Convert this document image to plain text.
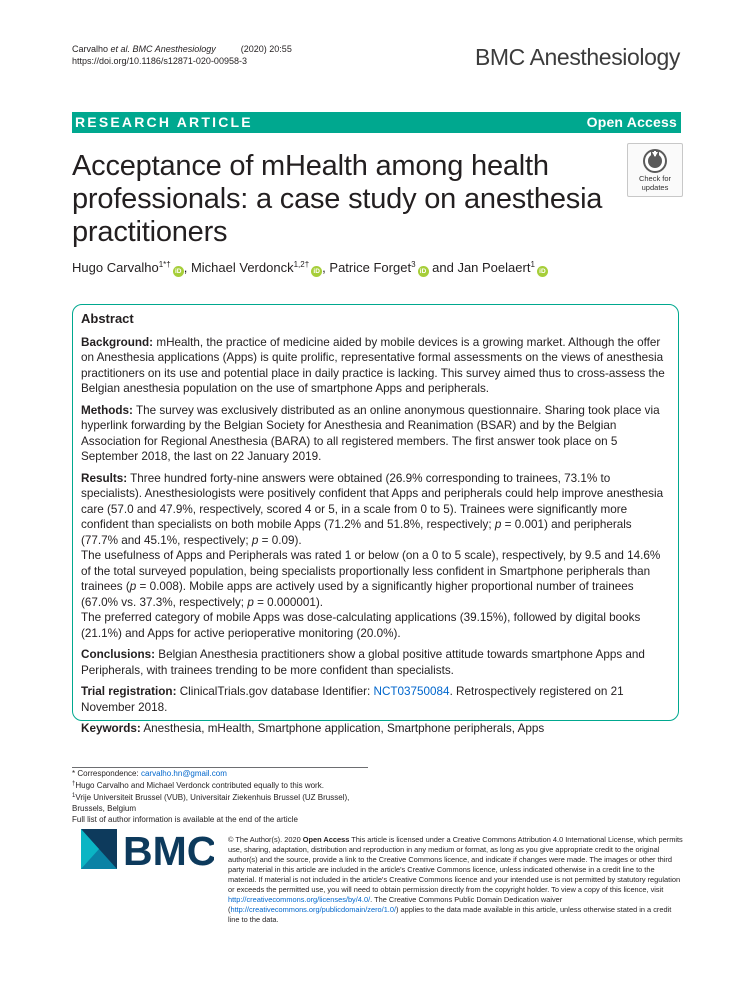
Carvalho et al. BMC Anesthesiology	(2020) 20:55
https://doi.org/10.1186/s12871-020-00958-3	BMC Anesthesiology
RESEARCH ARTICLE	Open Access
Acceptance of mHealth among health professionals: a case study on anesthesia practitioners
Check for
updates
Hugo Carvalho$^{1*\dagger}$iD , Michael Verdonck$^{1,2\dagger}$iD , Patrice Forget$^3$iD and Jan Poelaert$^1$iD
Abstract

Background: mHealth, the practice of medicine aided by mobile devices is a growing market. Although the offer on Anesthesia applications (Apps) is quite prolific, representative formal assessments on the views of anesthesia practitioners on its use and potential place in daily practice is lacking. This survey aimed thus to cross-assess the Belgian anesthesia population on the use of smartphone Apps and peripherals.

Methods: The survey was exclusively distributed as an online anonymous questionnaire. Sharing took place via hyperlink forwarding by the Belgian Society for Anesthesia and Reanimation (BSAR) and by the Belgian Association for Regional Anesthesia (BARA) to all registered members. The first answer took place on 5 September 2018, the last on 22 January 2019.

Results: Three hundred forty-nine answers were obtained (26.9% corresponding to trainees, 73.1% to specialists). Anesthesiologists were positively confident that Apps and peripherals could help improve anesthesia care (57.0 and 47.9%, respectively, scored 4 or 5, in a scale from 0 to 5). Trainees were significantly more confident than specialists on both mobile Apps (71.2% and 51.8%, respectively; p = 0.001) and peripherals (77.7% and 45.1%, respectively; p = 0.09).

The usefulness of Apps and Peripherals was rated 1 or below (on a 0 to 5 scale), respectively, by 9.5 and 14.6% of the total surveyed population, being specialists proportionally less confident in Smartphone peripherals than trainees (p = 0.008). Mobile apps are actively used by a significantly higher proportional number of trainees (67.0% vs. 37.3%, respectively; p = 0.000001).

The preferred category of mobile Apps was dose-calculating applications (39.15%), followed by digital books (21.1%) and Apps for active perioperative monitoring (20.0%).

Conclusions: Belgian Anesthesia practitioners show a global positive attitude towards smartphone Apps and Peripherals, with trainees trending to be more confident than specialists.

Trial registration: ClinicalTrials.gov database Identifier: NCT03750084. Retrospectively registered on 21 November 2018.

Keywords: Anesthesia, mHealth, Smartphone application, Smartphone peripherals, Apps

* Correspondence: carvalho.hn@gmail.com
†Hugo Carvalho and Michael Verdonck contributed equally to this work.
$^1$Vrije Universiteit Brussel (VUB), Universitair Ziekenhuis Brussel (UZ Brussel), Brussels, Belgium
Full list of author information is available at the end of the article
BMC © The Author(s). 2020 Open Access This article is licensed under a Creative Commons Attribution 4.0 International License, which permits use, sharing, adaptation, distribution and reproduction in any medium or format, as long as you give appropriate credit to the original author(s) and the source, provide a link to the Creative Commons licence, and indicate if changes were made. The images or other third party material in this article are included in the article's Creative Commons licence, unless indicated otherwise in a credit line to the material. If material is not included in the article's Creative Commons licence and your intended use is not permitted by statutory regulation or exceeds the permitted use, you will need to obtain permission directly from the copyright holder. To view a copy of this licence, visit http://creativecommons.org/licenses/by/4.0/. The Creative Commons Public Domain Dedication waiver (http://creativecommons.org/publicdomain/zero/1.0/) applies to the data made available in this article, unless otherwise stated in a credit line to the data.
